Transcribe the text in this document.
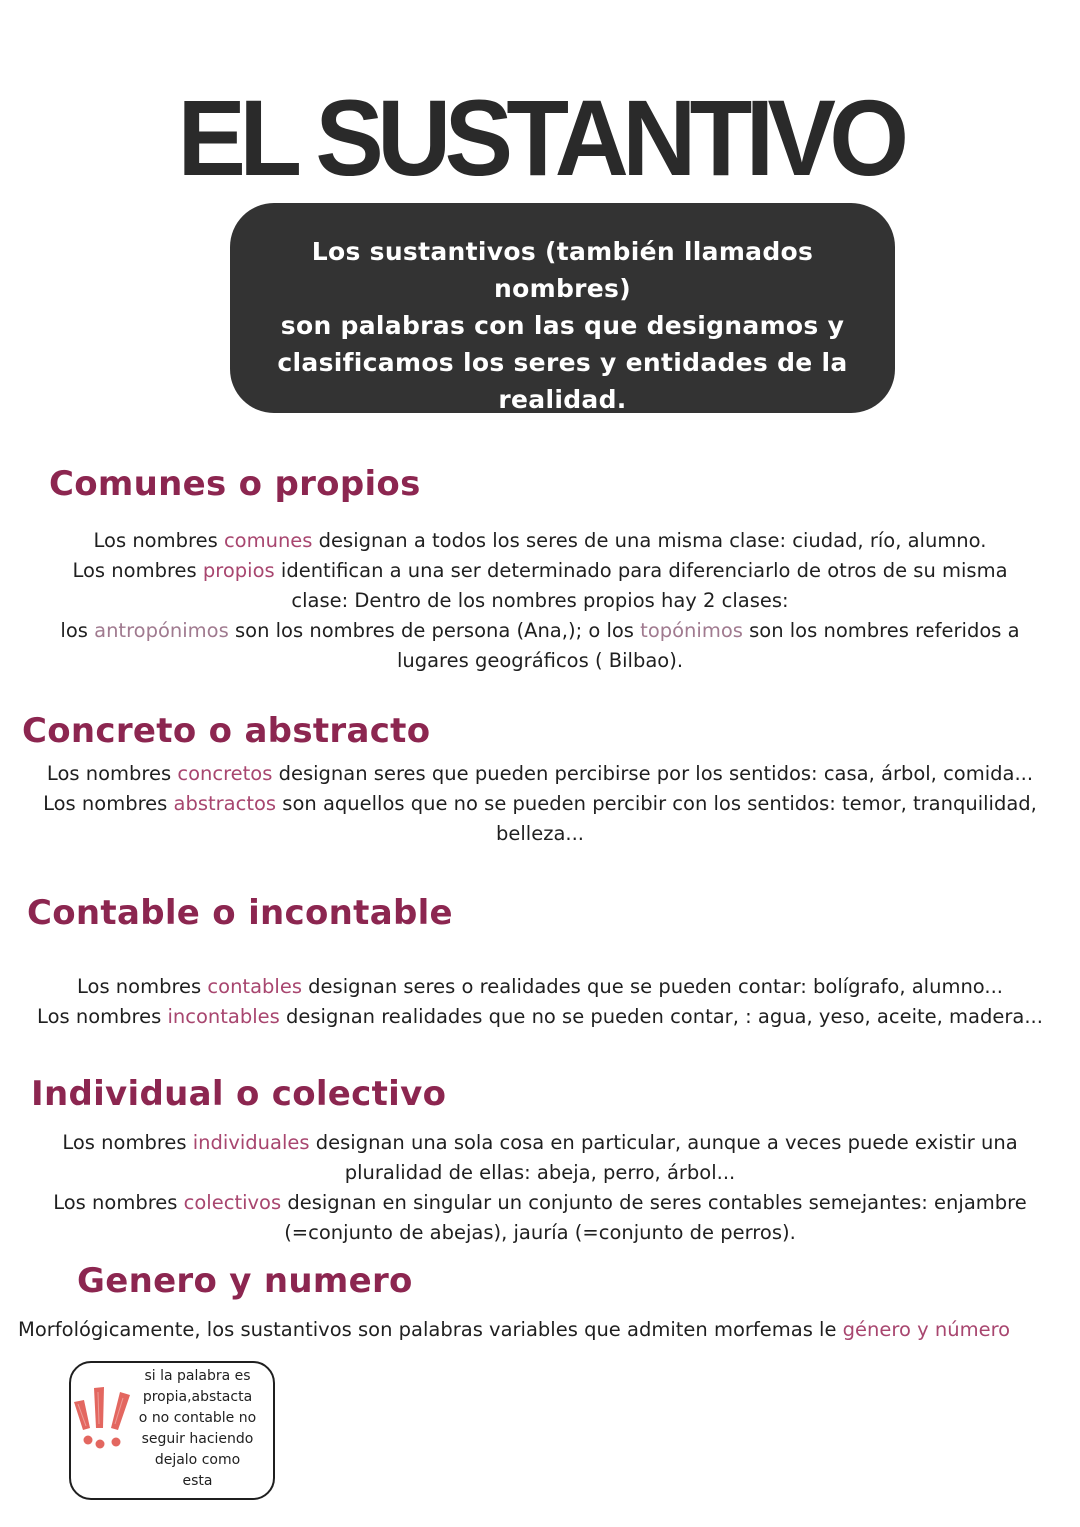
EL SUSTANTIVO
Los sustantivos (también llamados nombres)
son palabras con las que designamos y
clasificamos los seres y entidades de la
realidad.
Comunes o propios

Los nombres comunes designan a todos los seres de una misma clase: ciudad, río, alumno.

Los nombres propios identifican a una ser determinado para diferenciarlo de otros de su misma

clase: Dentro de los nombres propios hay 2 clases:

los antropónimos son los nombres de persona (Ana,); o los topónimos son los nombres referidos a

lugares geográficos ( Bilbao).

Concreto o abstracto

Los nombres concretos designan seres que pueden percibirse por los sentidos: casa, árbol, comida...

Los nombres abstractos son aquellos que no se pueden percibir con los sentidos: temor, tranquilidad,

belleza...

Contable o incontable

Los nombres contables designan seres o realidades que se pueden contar: bolígrafo, alumno...

Los nombres incontables designan realidades que no se pueden contar, : agua, yeso, aceite, madera...

Individual o colectivo

Los nombres individuales designan una sola cosa en particular, aunque a veces puede existir una

pluralidad de ellas: abeja, perro, árbol...

Los nombres colectivos designan en singular un conjunto de seres contables semejantes: enjambre

(=conjunto de abejas), jauría (=conjunto de perros).

Genero y numero

Morfológicamente, los sustantivos son palabras variables que admiten morfemas le género y número

si la palabra es

propia,abstacta

o no contable no

seguir haciendo

dejalo como

esta
